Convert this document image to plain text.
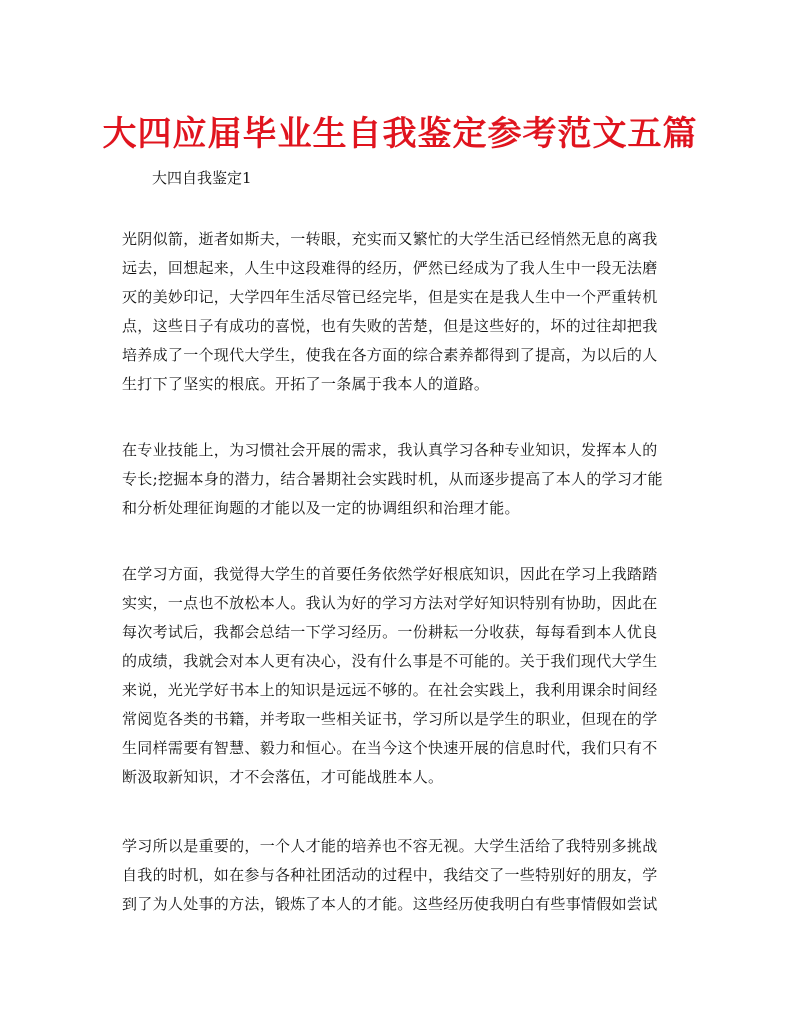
大四应届毕业生自我鉴定参考范文五篇

大四自我鉴定1

光阴似箭，逝者如斯夫，一转眼，充实而又繁忙的大学生活已经悄然无息的离我
远去，回想起来，人生中这段难得的经历，俨然已经成为了我人生中一段无法磨
灭的美妙印记，大学四年生活尽管已经完毕，但是实在是我人生中一个严重转机
点，这些日子有成功的喜悦，也有失败的苦楚，但是这些好的，坏的过往却把我
培养成了一个现代大学生，使我在各方面的综合素养都得到了提高，为以后的人
生打下了坚实的根底。开拓了一条属于我本人的道路。

在专业技能上，为习惯社会开展的需求，我认真学习各种专业知识，发挥本人的
专长;挖掘本身的潜力，结合暑期社会实践时机，从而逐步提高了本人的学习才能
和分析处理征询题的才能以及一定的协调组织和治理才能。

在学习方面，我觉得大学生的首要任务依然学好根底知识，因此在学习上我踏踏
实实，一点也不放松本人。我认为好的学习方法对学好知识特别有协助，因此在
每次考试后，我都会总结一下学习经历。一份耕耘一分收获，每每看到本人优良
的成绩，我就会对本人更有决心，没有什么事是不可能的。关于我们现代大学生
来说，光光学好书本上的知识是远远不够的。在社会实践上，我利用课余时间经
常阅览各类的书籍，并考取一些相关证书，学习所以是学生的职业，但现在的学
生同样需要有智慧、毅力和恒心。在当今这个快速开展的信息时代，我们只有不
断汲取新知识，才不会落伍，才可能战胜本人。

学习所以是重要的，一个人才能的培养也不容无视。大学生活给了我特别多挑战
自我的时机，如在参与各种社团活动的过程中，我结交了一些特别好的朋友，学
到了为人处事的方法，锻炼了本人的才能。这些经历使我明白有些事情假如尝试
